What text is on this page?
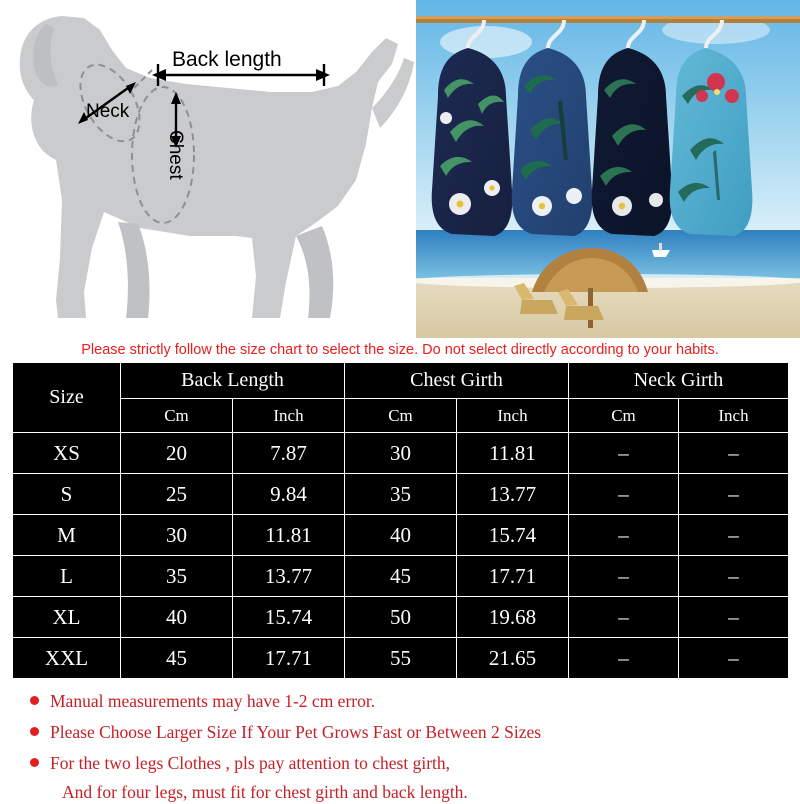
Back length
Neck
Chest
Please strictly follow the size chart to select the size. Do not select directly according to your habits.
Size	Back Length		Chest Girth		Neck Girth	
	Cm	Inch	Cm	Inch	Cm	Inch
XS	20	7.87	30	11.81	–	–
S	25	9.84	35	13.77	–	–
M	30	11.81	40	15.74	–	–
L	35	13.77	45	17.71	–	–
XL	40	15.74	50	19.68	–	–
XXL	45	17.71	55	21.65	–	–
Manual measurements may have 1-2 cm error.
Please Choose Larger Size If Your Pet Grows Fast or Between 2 Sizes
For the two legs Clothes , pls pay attention to chest girth,
And for four legs, must fit for chest girth and back length.
